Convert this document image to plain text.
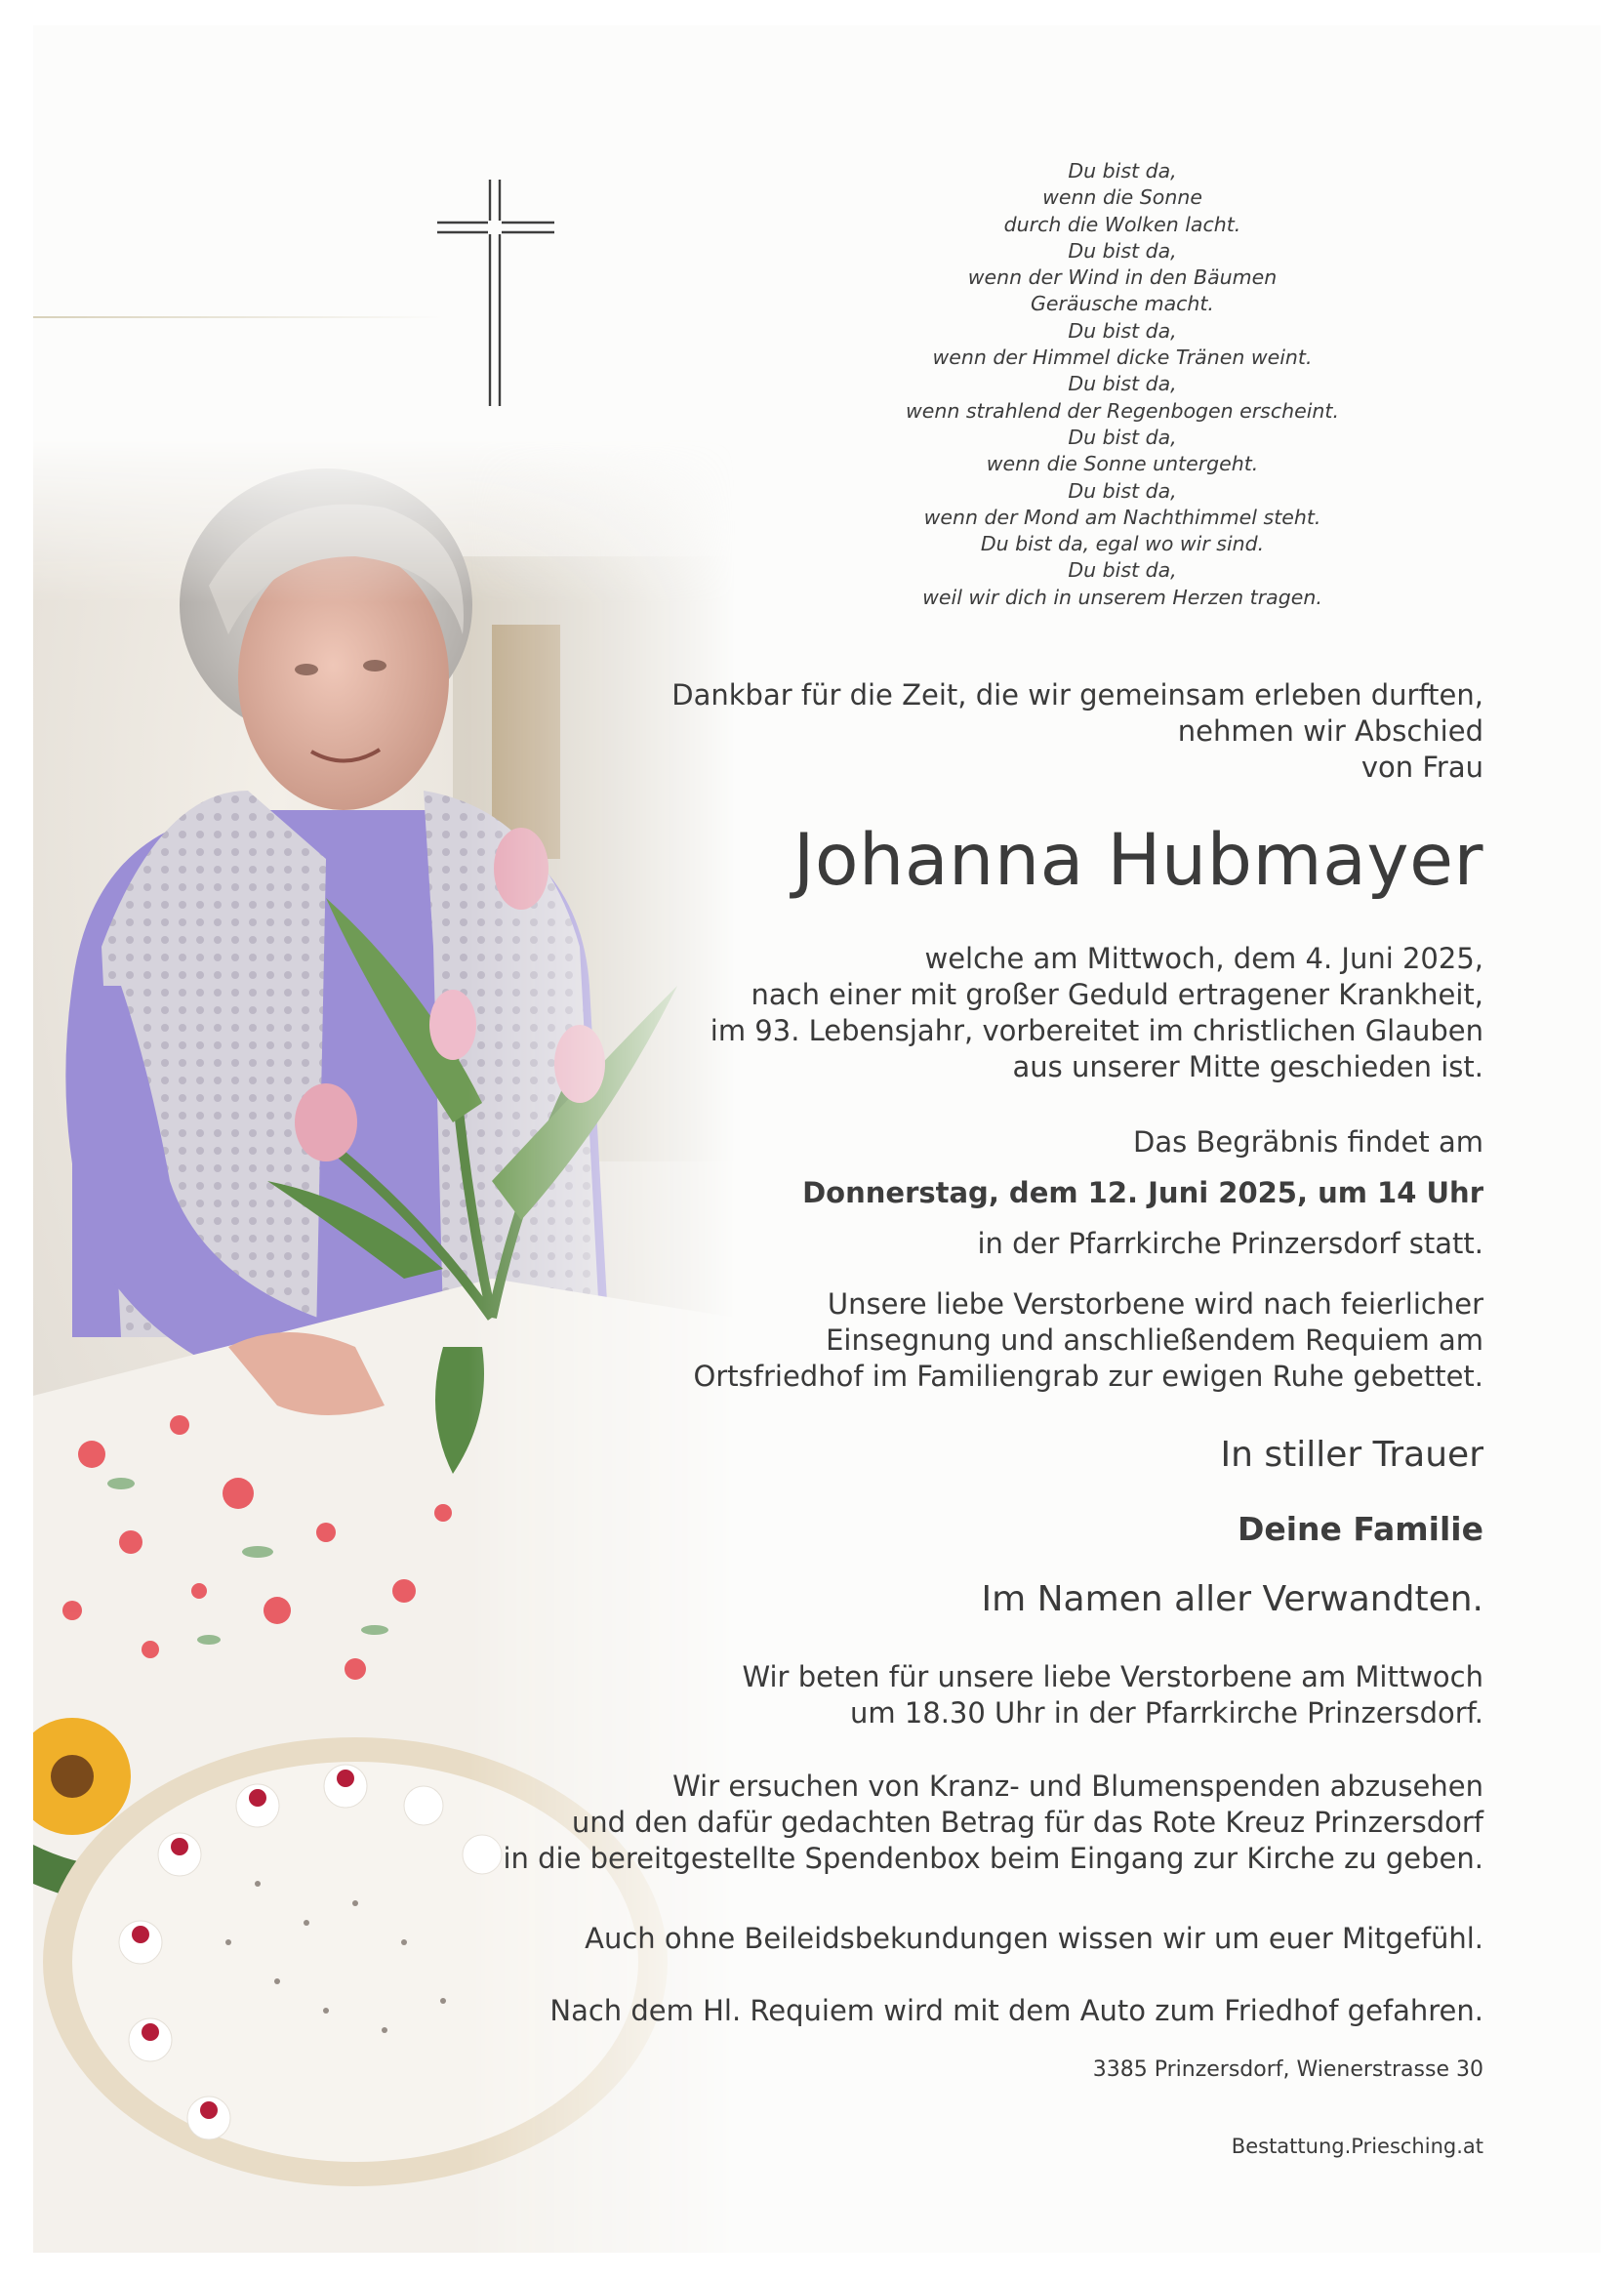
Du bist da,
wenn die Sonne
durch die Wolken lacht.
Du bist da,
wenn der Wind in den Bäumen
Geräusche macht.
Du bist da,
wenn der Himmel dicke Tränen weint.
Du bist da,
wenn strahlend der Regenbogen erscheint.
Du bist da,
wenn die Sonne untergeht.
Du bist da,
wenn der Mond am Nachthimmel steht.
Du bist da, egal wo wir sind.
Du bist da,
weil wir dich in unserem Herzen tragen.
Dankbar für die Zeit, die wir gemeinsam erleben durften,
nehmen wir Abschied
von Frau
Johanna Hubmayer
welche am Mittwoch, dem 4. Juni 2025,
nach einer mit großer Geduld ertragener Krankheit,
im 93. Lebensjahr, vorbereitet im christlichen Glauben
aus unserer Mitte geschieden ist.
Das Begräbnis findet am
Donnerstag, dem 12. Juni 2025, um 14 Uhr
in der Pfarrkirche Prinzersdorf statt.
Unsere liebe Verstorbene wird nach feierlicher
Einsegnung und anschließendem Requiem am
Ortsfriedhof im Familiengrab zur ewigen Ruhe gebettet.
In stiller Trauer
Deine Familie
Im Namen aller Verwandten.
Wir beten für unsere liebe Verstorbene am Mittwoch
um 18.30 Uhr in der Pfarrkirche Prinzersdorf.
Wir ersuchen von Kranz- und Blumenspenden abzusehen
und den dafür gedachten Betrag für das Rote Kreuz Prinzersdorf
in die bereitgestellte Spendenbox beim Eingang zur Kirche zu geben.
Auch ohne Beileidsbekundungen wissen wir um euer Mitgefühl.
Nach dem Hl. Requiem wird mit dem Auto zum Friedhof gefahren.
3385 Prinzersdorf, Wienerstrasse 30
Bestattung.Priesching.at
